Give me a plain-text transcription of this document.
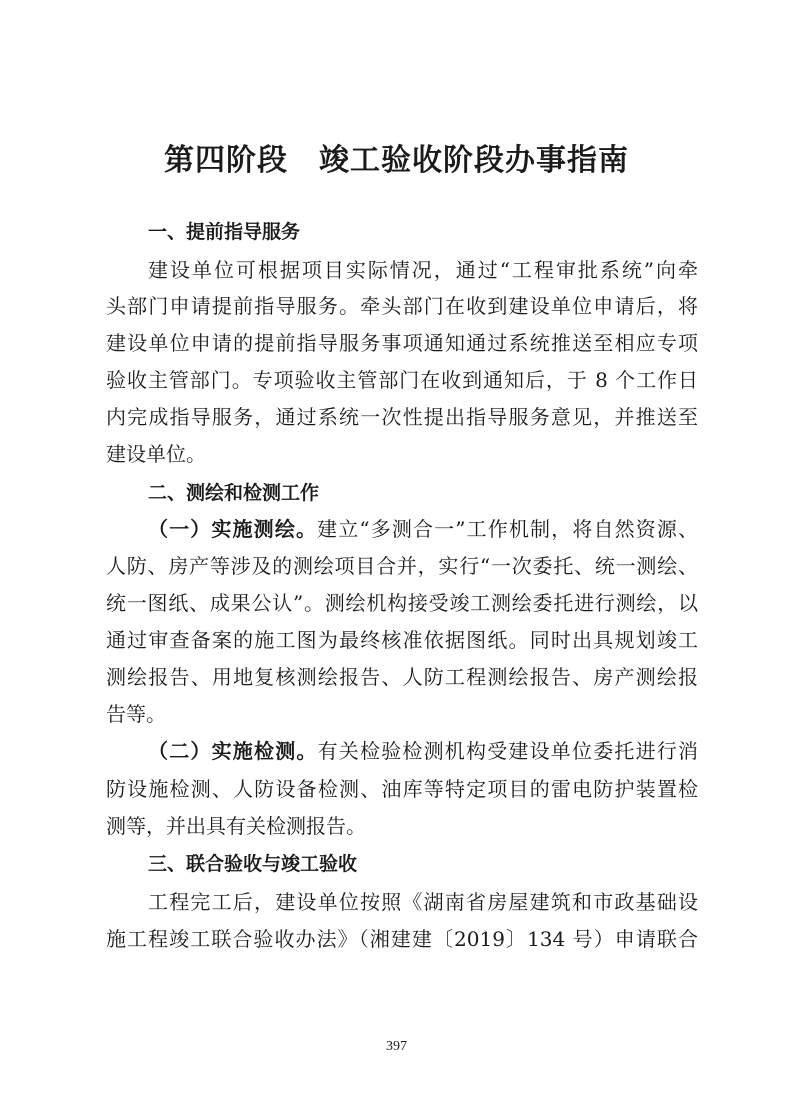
第四阶段　竣工验收阶段办事指南
一、提前指导服务
建设单位可根据项目实际情况，通过“工程审批系统”向牵
头部门申请提前指导服务。牵头部门在收到建设单位申请后，将
建设单位申请的提前指导服务事项通知通过系统推送至相应专项
验收主管部门。专项验收主管部门在收到通知后，于 8 个工作日
内完成指导服务，通过系统一次性提出指导服务意见，并推送至
建设单位。
二、测绘和检测工作
（一）实施测绘。建立“多测合一”工作机制，将自然资源、
人防、房产等涉及的测绘项目合并，实行“一次委托、统一测绘、
统一图纸、成果公认”。测绘机构接受竣工测绘委托进行测绘，以
通过审查备案的施工图为最终核准依据图纸。同时出具规划竣工
测绘报告、用地复核测绘报告、人防工程测绘报告、房产测绘报
告等。
（二）实施检测。有关检验检测机构受建设单位委托进行消
防设施检测、人防设备检测、油库等特定项目的雷电防护装置检
测等，并出具有关检测报告。
三、联合验收与竣工验收
工程完工后，建设单位按照《湖南省房屋建筑和市政基础设
施工程竣工联合验收办法》（湘建建〔2019〕134 号）申请联合
397
